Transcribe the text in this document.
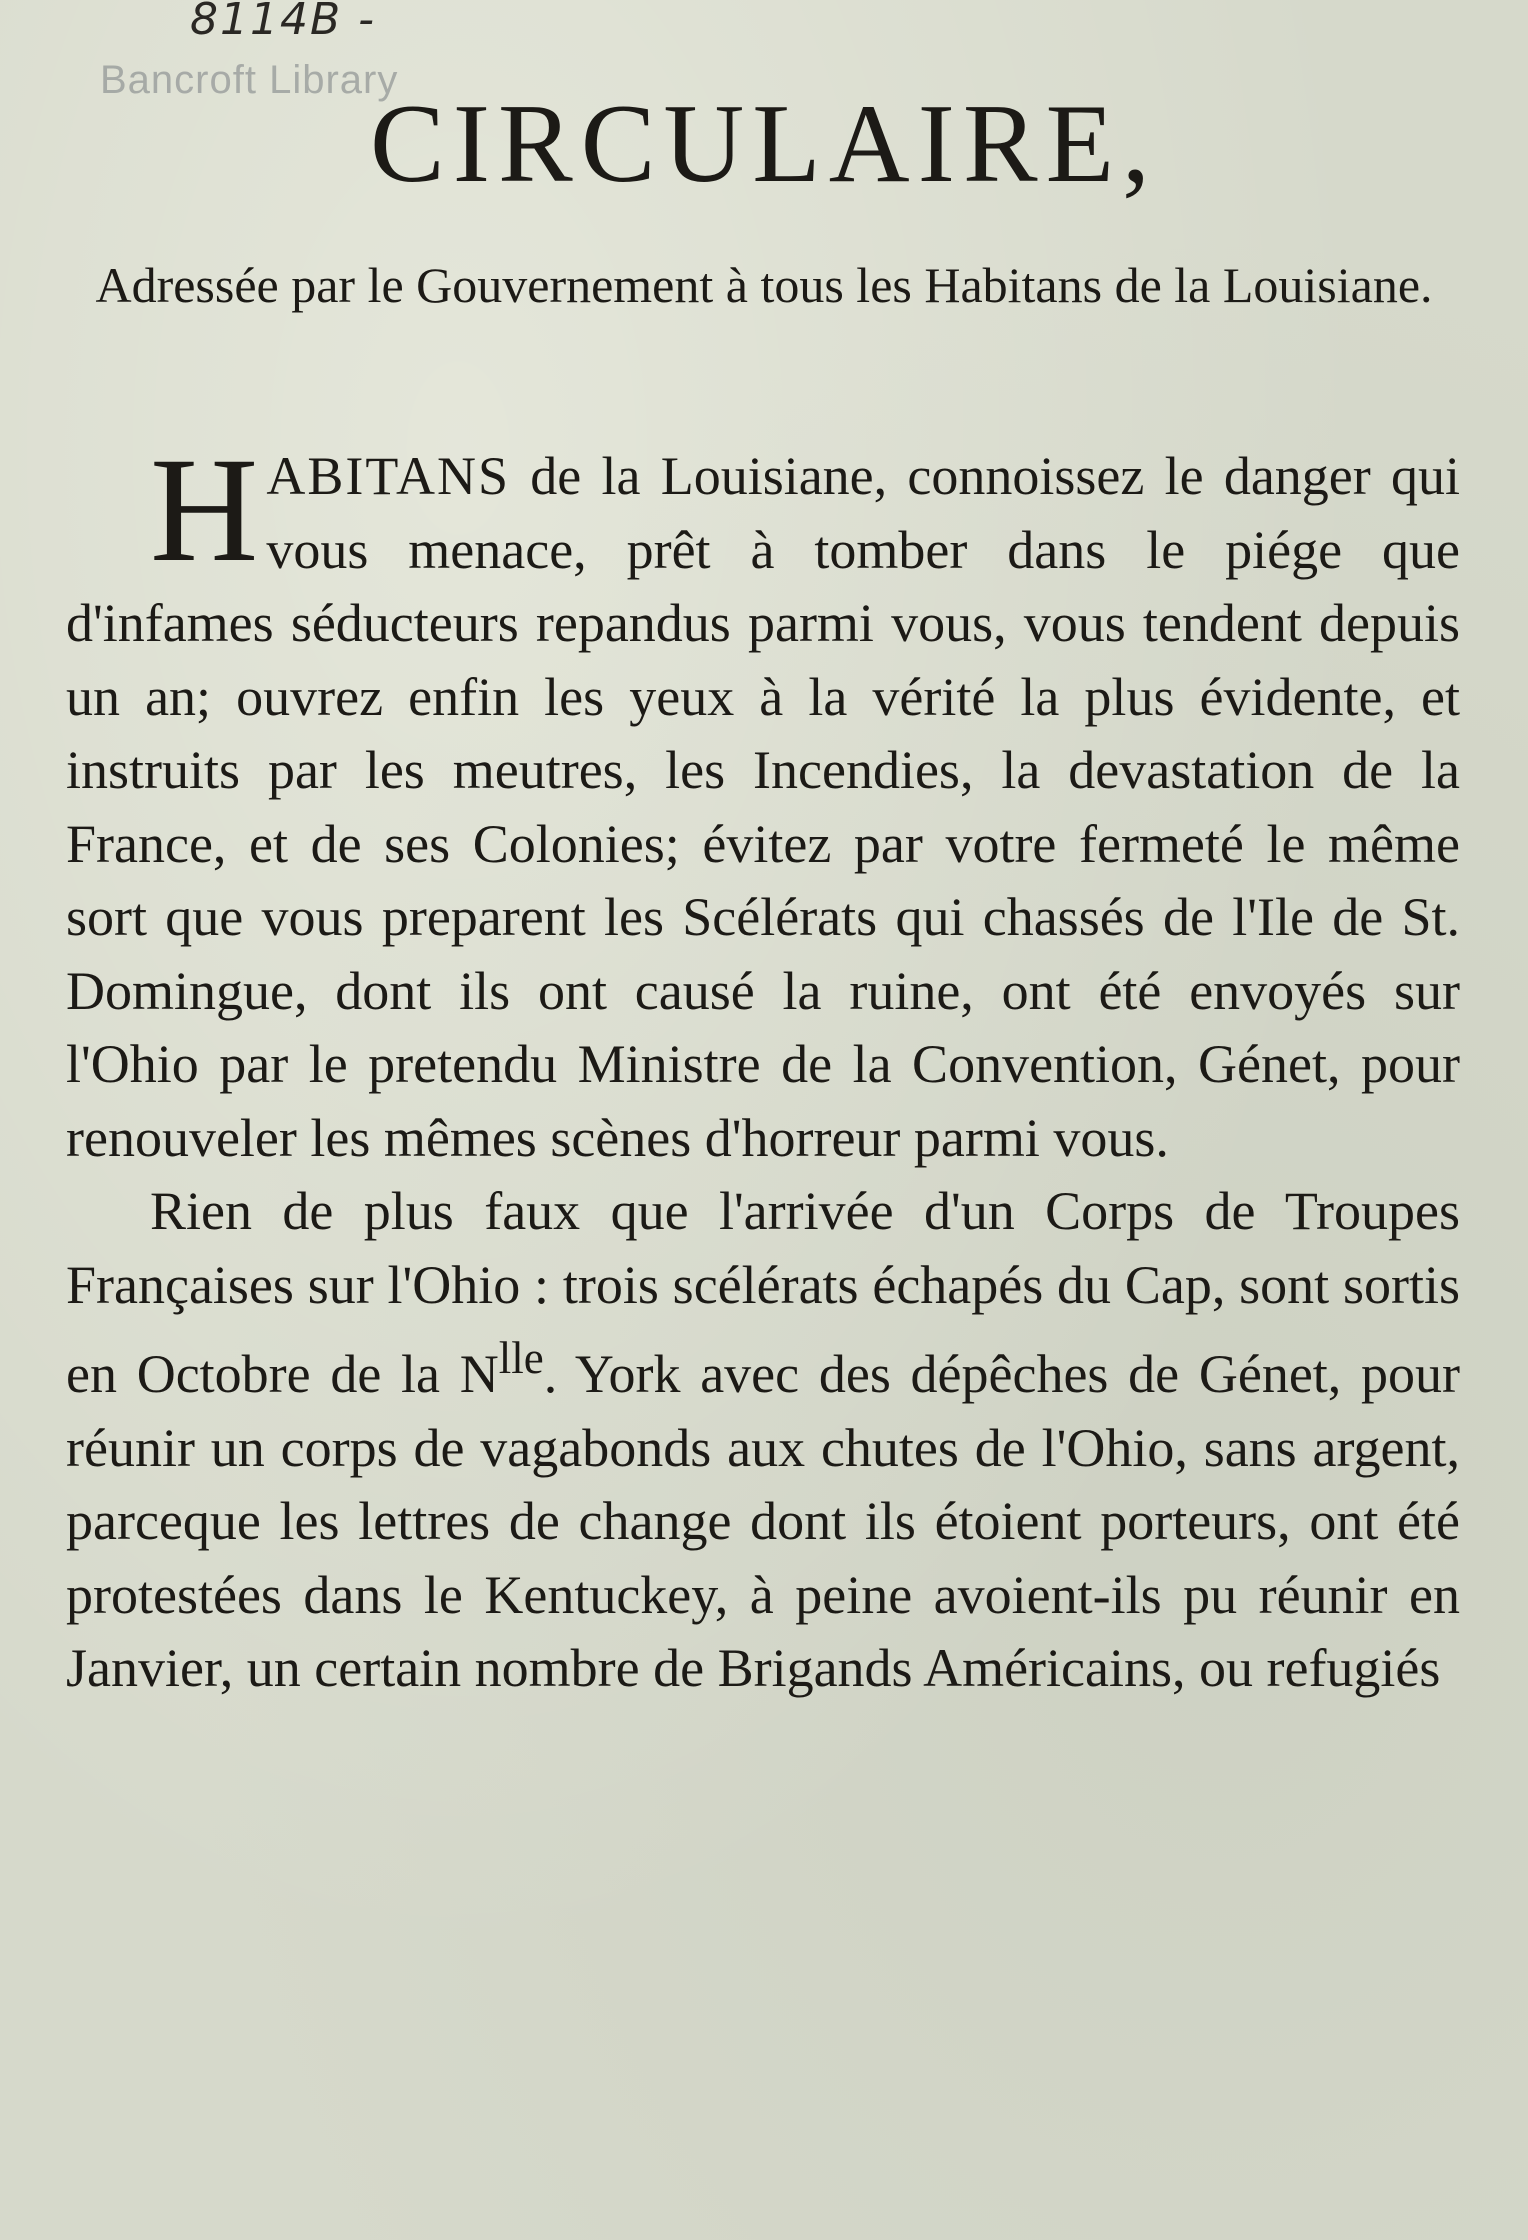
8114B -
Bancroft Library
CIRCULAIRE,
Adressée par le Gouvernement à tous les Habitans de la Louisiane.

HABITANS de la Louisiane, connoissez le danger qui vous menace, prêt à tomber dans le piége que d'infames séducteurs repandus parmi vous, vous tendent depuis un an; ouvrez enfin les yeux à la vérité la plus évidente, et instruits par les meutres, les Incendies, la devastation de la France, et de ses Colonies; évitez par votre fermeté le même sort que vous preparent les Scélérats qui chassés de l'Ile de St. Domingue, dont ils ont causé la ruine, ont été envoyés sur l'Ohio par le pretendu Ministre de la Convention, Génet, pour renouveler les mêmes scènes d'horreur parmi vous.

Rien de plus faux que l'arrivée d'un Corps de Troupes Françaises sur l'Ohio : trois scélérats échapés du Cap, sont sortis en Octobre de la $N^{lle}$. York avec des dépêches de Génet, pour réunir un corps de vagabonds aux chutes de l'Ohio, sans argent, parceque les lettres de change dont ils étoient porteurs, ont été protestées dans le Kentuckey, à peine avoient-ils pu réunir en Janvier, un certain nombre de Brigands Américains, ou refugiés
